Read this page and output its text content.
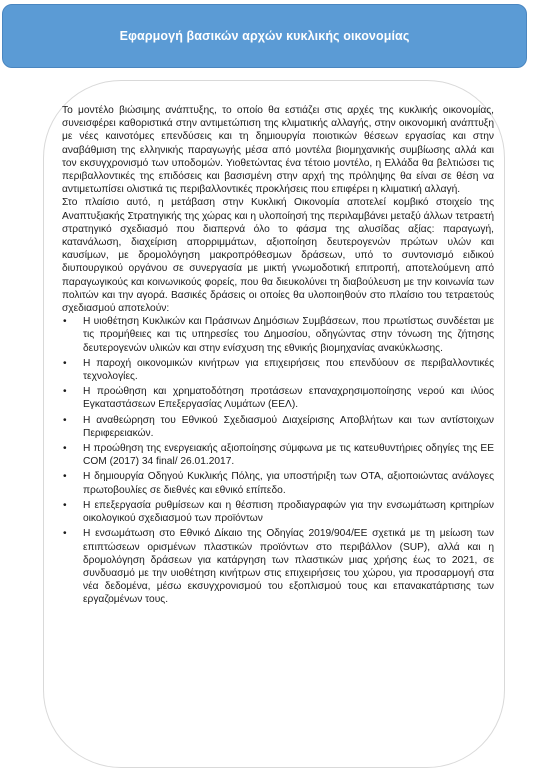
Εφαρμογή βασικών αρχών κυκλικής οικονομίας

Το μοντέλο βιώσιμης ανάπτυξης, το οποίο θα εστιάζει στις αρχές της κυκλικής οικονομίας, συνεισφέρει καθοριστικά στην αντιμετώπιση της κλιματικής αλλαγής, στην οικονομική ανάπτυξη με νέες καινοτόμες επενδύσεις και τη δημιουργία ποιοτικών θέσεων εργασίας και στην αναβάθμιση της ελληνικής παραγωγής μέσα από μοντέλα βιομηχανικής συμβίωσης αλλά και τον εκσυγχρονισμό των υποδομών. Υιοθετώντας ένα τέτοιο μοντέλο, η Ελλάδα θα βελτιώσει τις περιβαλλοντικές της επιδόσεις και βασισμένη στην αρχή της πρόληψης θα είναι σε θέση να αντιμετωπίσει ολιστικά τις περιβαλλοντικές προκλήσεις που επιφέρει η κλιματική αλλαγή.

Στο πλαίσιο αυτό, η μετάβαση στην Κυκλική Οικονομία αποτελεί κομβικό στοιχείο της Αναπτυξιακής Στρατηγικής της χώρας και η υλοποίησή της περιλαμβάνει μεταξύ άλλων τετραετή στρατηγικό σχεδιασμό που διαπερνά όλο το φάσμα της αλυσίδας αξίας: παραγωγή, κατανάλωση, διαχείριση απορριμμάτων, αξιοποίηση δευτερογενών πρώτων υλών και καυσίμων, με δρομολόγηση μακροπρόθεσμων δράσεων, υπό το συντονισμό ειδικού διυπουργικού οργάνου σε συνεργασία με μικτή γνωμοδοτική επιτροπή, αποτελούμενη από παραγωγικούς και κοινωνικούς φορείς, που θα διευκολύνει τη διαβούλευση με την κοινωνία των πολιτών και την αγορά. Βασικές δράσεις οι οποίες θα υλοποιηθούν στο πλαίσιο του τετραετούς σχεδιασμού αποτελούν:

• Η υιοθέτηση Κυκλικών και Πράσινων Δημόσιων Συμβάσεων, που πρωτίστως συνδέεται με τις προμήθειες και τις υπηρεσίες του Δημοσίου, οδηγώντας στην τόνωση της ζήτησης δευτερογενών υλικών και στην ενίσχυση της εθνικής βιομηχανίας ανακύκλωσης.
• Η παροχή οικονομικών κινήτρων για επιχειρήσεις που επενδύουν σε περιβαλλοντικές τεχνολογίες.
• Η προώθηση και χρηματοδότηση προτάσεων επαναχρησιμοποίησης νερού και ιλύος Εγκαταστάσεων Επεξεργασίας Λυμάτων (ΕΕΛ).
• Η αναθεώρηση του Εθνικού Σχεδιασμού Διαχείρισης Αποβλήτων και των αντίστοιχων Περιφερειακών.
• Η προώθηση της ενεργειακής αξιοποίησης σύμφωνα με τις κατευθυντήριες οδηγίες της ΕΕ COM (2017) 34 final/ 26.01.2017.
• Η δημιουργία Οδηγού Κυκλικής Πόλης, για υποστήριξη των ΟΤΑ, αξιοποιώντας ανάλογες πρωτοβουλίες σε διεθνές και εθνικό επίπεδο.
• Η επεξεργασία ρυθμίσεων και η θέσπιση προδιαγραφών για την ενσωμάτωση κριτηρίων οικολογικού σχεδιασμού των προϊόντων
• Η ενσωμάτωση στο Εθνικό Δίκαιο της Οδηγίας 2019/904/ΕΕ σχετικά με τη μείωση των επιπτώσεων ορισμένων πλαστικών προϊόντων στο περιβάλλον (SUP), αλλά και η δρομολόγηση δράσεων για κατάργηση των πλαστικών μιας χρήσης έως το 2021, σε συνδυασμό με την υιοθέτηση κινήτρων στις επιχειρήσεις του χώρου, για προσαρμογή στα νέα δεδομένα, μέσω εκσυγχρονισμού του εξοπλισμού τους και επανακατάρτισης των εργαζομένων τους.
